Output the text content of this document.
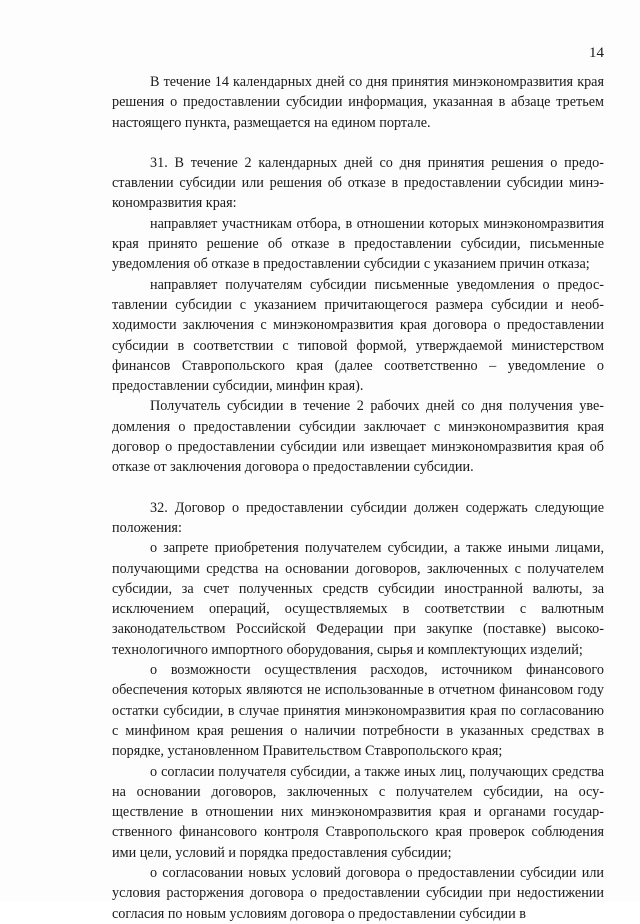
14

В течение 14 календарных дней со дня принятия минэкономразвития края решения о предоставлении субсидии информация, указанная в абзаце третьем настоящего пункта, размещается на едином портале.

31. В течение 2 календарных дней со дня принятия решения о предоставлении субсидии или решения об отказе в предоставлении субсидии минэкономразвития края:

направляет участникам отбора, в отношении которых минэкономразвития края принято решение об отказе в предоставлении субсидии, письменные уведомления об отказе в предоставлении субсидии с указанием причин отказа;

направляет получателям субсидии письменные уведомления о предоставлении субсидии с указанием причитающегося размера субсидии и необходимости заключения с минэкономразвития края договора о предоставлении субсидии в соответствии с типовой формой, утверждаемой министерством финансов Ставропольского края (далее соответственно – уведомление о предоставлении субсидии, минфин края).

Получатель субсидии в течение 2 рабочих дней со дня получения уведомления о предоставлении субсидии заключает с минэкономразвития края договор о предоставлении субсидии или извещает минэкономразвития края об отказе от заключения договора о предоставлении субсидии.

32. Договор о предоставлении субсидии должен содержать следующие положения:

о запрете приобретения получателем субсидии, а также иными лицами, получающими средства на основании договоров, заключенных с получателем субсидии, за счет полученных средств субсидии иностранной валюты, за исключением операций, осуществляемых в соответствии с валютным законодательством Российской Федерации при закупке (поставке) высокотехнологичного импортного оборудования, сырья и комплектующих изделий;

о возможности осуществления расходов, источником финансового обеспечения которых являются не использованные в отчетном финансовом году остатки субсидии, в случае принятия минэкономразвития края по согласованию с минфином края решения о наличии потребности в указанных средствах в порядке, установленном Правительством Ставропольского края;

о согласии получателя субсидии, а также иных лиц, получающих средства на основании договоров, заключенных с получателем субсидии, на осуществление в отношении них минэкономразвития края и органами государственного финансового контроля Ставропольского края проверок соблюдения ими цели, условий и порядка предоставления субсидии;

о согласовании новых условий договора о предоставлении субсидии или условия расторжения договора о предоставлении субсидии при недостижении согласия по новым условиям договора о предоставлении субсидии в
